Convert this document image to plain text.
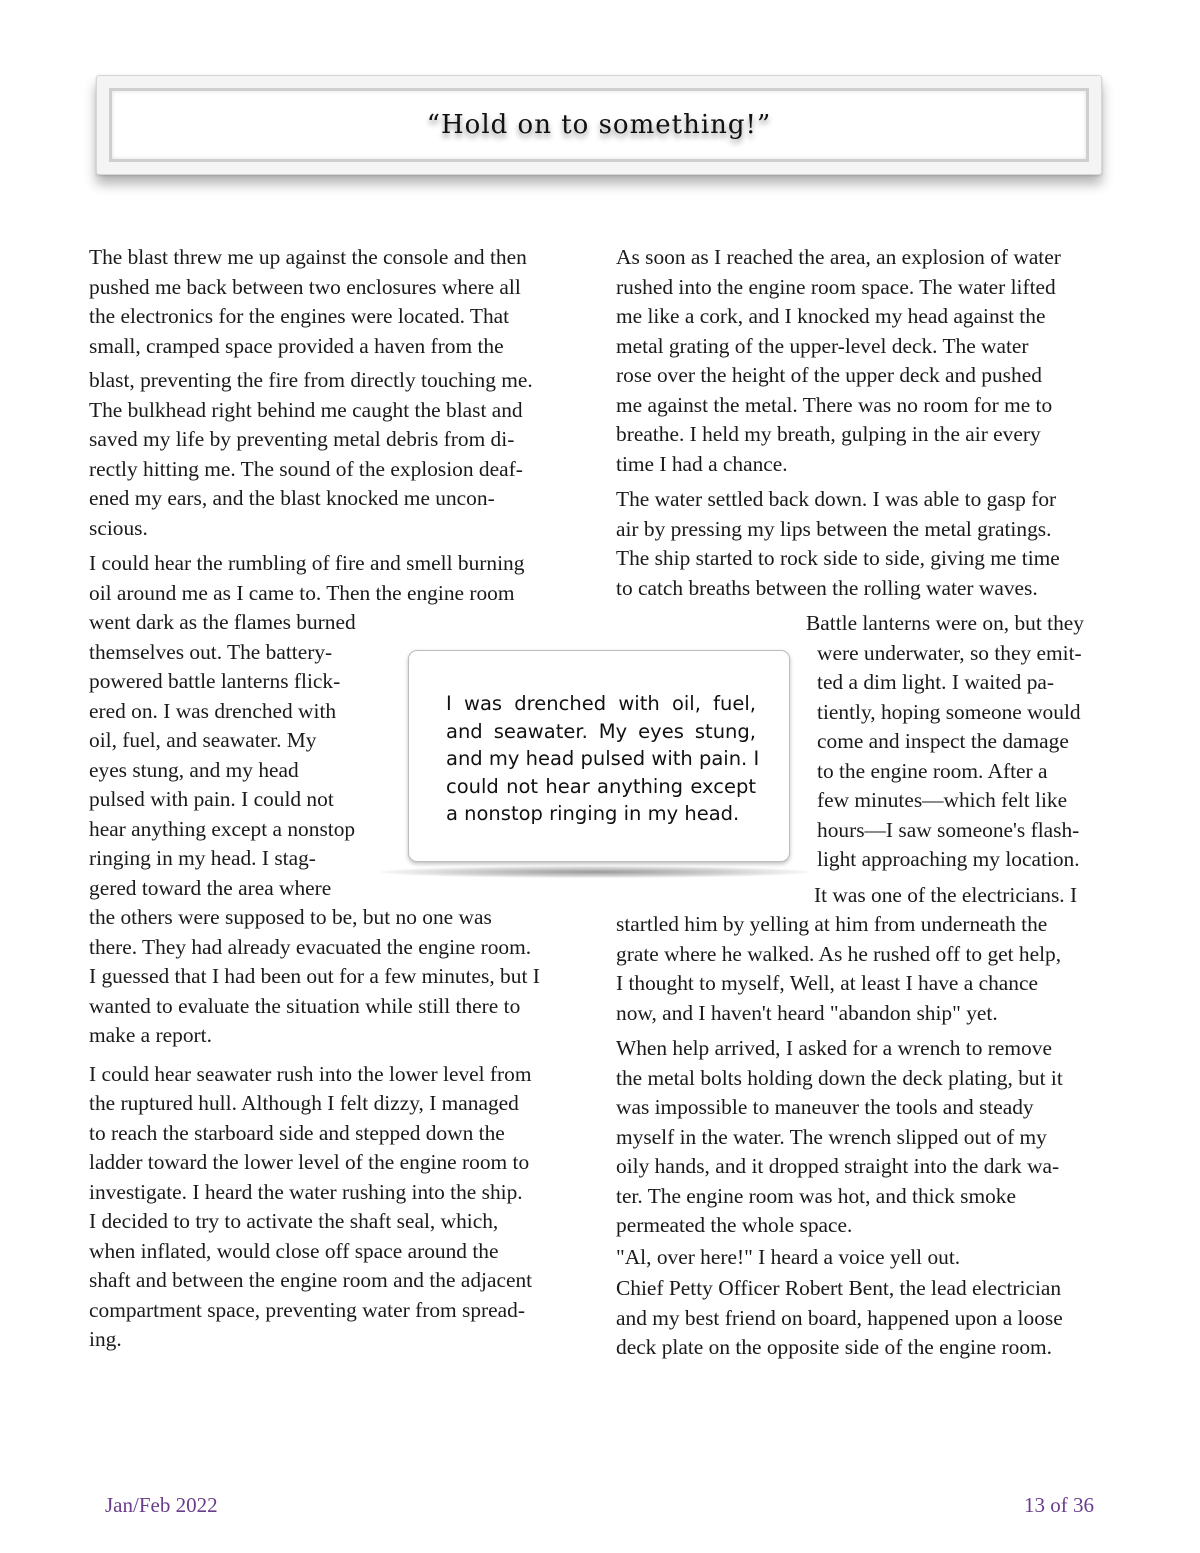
“Hold on to something!”

The blast threw me up against the console and then
pushed me back between two enclosures where all
the electronics for the engines were located. That
small, cramped space provided a haven from the
blast, preventing the fire from directly touching me.
The bulkhead right behind me caught the blast and
saved my life by preventing metal debris from di-
rectly hitting me. The sound of the explosion deaf-
ened my ears, and the blast knocked me uncon-
scious.

I could hear the rumbling of fire and smell burning
oil around me as I came to. Then the engine room
went dark as the flames burned
themselves out. The battery-
powered battle lanterns flick-
ered on. I was drenched with
oil, fuel, and seawater. My
eyes stung, and my head
pulsed with pain. I could not
hear anything except a nonstop
ringing in my head. I stag-
gered toward the area where
the others were supposed to be, but no one was
there. They had already evacuated the engine room.
I guessed that I had been out for a few minutes, but I
wanted to evaluate the situation while still there to
make a report.

I could hear seawater rush into the lower level from
the ruptured hull. Although I felt dizzy, I managed
to reach the starboard side and stepped down the
ladder toward the lower level of the engine room to
investigate. I heard the water rushing into the ship.
I decided to try to activate the shaft seal, which,
when inflated, would close off space around the
shaft and between the engine room and the adjacent
compartment space, preventing water from spread-
ing.

As soon as I reached the area, an explosion of water
rushed into the engine room space. The water lifted
me like a cork, and I knocked my head against the
metal grating of the upper-level deck. The water
rose over the height of the upper deck and pushed
me against the metal. There was no room for me to
breathe. I held my breath, gulping in the air every
time I had a chance.

The water settled back down. I was able to gasp for
air by pressing my lips between the metal gratings.
The ship started to rock side to side, giving me time
to catch breaths between the rolling water waves.

Battle lanterns were on, but they
were underwater, so they emit-
ted a dim light. I waited pa-
tiently, hoping someone would
come and inspect the damage
to the engine room. After a
few minutes—which felt like
hours—I saw someone's flash-
light approaching my location.

It was one of the electricians. I
startled him by yelling at him from underneath the
grate where he walked. As he rushed off to get help,
I thought to myself, Well, at least I have a chance
now, and I haven't heard "abandon ship" yet.

When help arrived, I asked for a wrench to remove
the metal bolts holding down the deck plating, but it
was impossible to maneuver the tools and steady
myself in the water. The wrench slipped out of my
oily hands, and it dropped straight into the dark wa-
ter. The engine room was hot, and thick smoke
permeated the whole space.

"Al, over here!" I heard a voice yell out.

Chief Petty Officer Robert Bent, the lead electrician
and my best friend on board, happened upon a loose
deck plate on the opposite side of the engine room.

I was drenched with oil, fuel,
and seawater. My eyes stung,
and my head pulsed with pain. I
could not hear anything except
a nonstop ringing in my head.
Jan/Feb 2022	13 of 36
